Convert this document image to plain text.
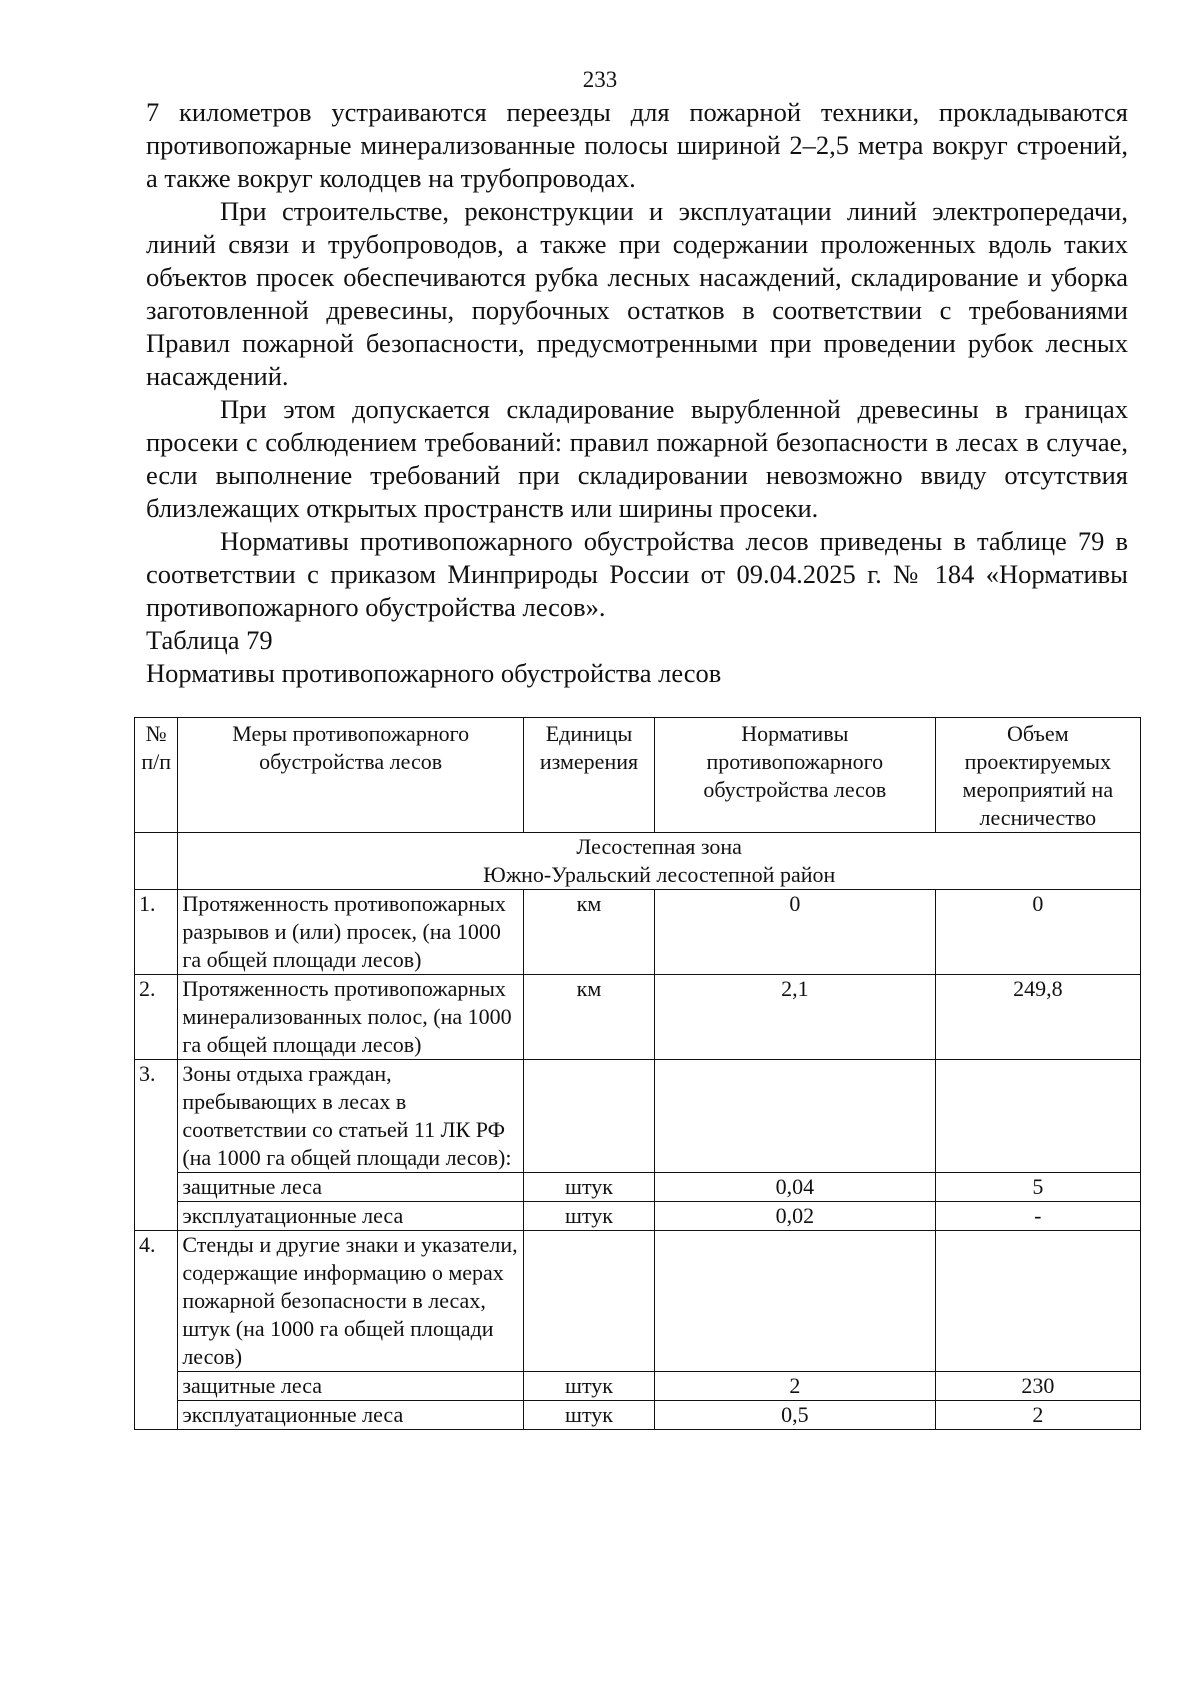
233

7 километров устраиваются переезды для пожарной техники, прокладываются противопожарные минерализованные полосы шириной 2–2,5 метра вокруг строений, а также вокруг колодцев на трубопроводах.

При строительстве, реконструкции и эксплуатации линий электропередачи, линий связи и трубопроводов, а также при содержании проложенных вдоль таких объектов просек обеспечиваются рубка лесных насаждений, складирование и уборка заготовленной древесины, порубочных остатков в соответствии с требованиями Правил пожарной безопасности, предусмотренными при проведении рубок лесных насаждений.

При этом допускается складирование вырубленной древесины в границах просеки с соблюдением требований: правил пожарной безопасности в лесах в случае, если выполнение требований при складировании невозможно ввиду отсутствия близлежащих открытых пространств или ширины просеки.

Нормативы противопожарного обустройства лесов приведены в таблице 79 в соответствии с приказом Минприроды России от 09.04.2025 г. № 184 «Нормативы противопожарного обустройства лесов».

Таблица 79

Нормативы противопожарного обустройства лесов

№ п/п	Меры противопожарного обустройства лесов	Единицы измерения	Нормативы противопожарного обустройства лесов	Объем проектируемых мероприятий на лесничество

	Лесостепная зона
Южно-Уральский лесостепной район			

1.	Протяженность противопожарных разрывов и (или) просек, (на 1000 га общей площади лесов)	км	0	0
2.	Протяженность противопожарных минерализованных полос, (на 1000 га общей площади лесов)	км	2,1	249,8
3.	Зоны отдыха граждан, пребывающих в лесах в соответствии со статьей 11 ЛК РФ (на 1000 га общей площади лесов):			
	защитные леса	штук	0,04	5
	эксплуатационные леса	штук	0,02	-
4.	Стенды и другие знаки и указатели, содержащие информацию о мерах пожарной безопасности в лесах, штук (на 1000 га общей площади лесов)			
	защитные леса	штук	2	230
	эксплуатационные леса	штук	0,5	2
